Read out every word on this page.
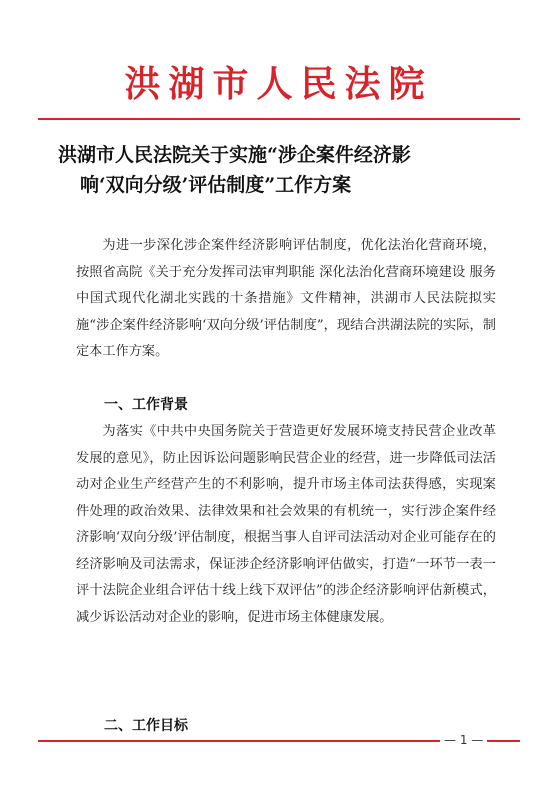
洪湖市人民法院
洪湖市人民法院关于实施“涉企案件经济影
响‘双向分级’评估制度”工作方案

为进一步深化涉企案件经济影响评估制度，优化法治化营商环境，按照省高院《关于充分发挥司法审判职能 深化法治化营商环境建设 服务中国式现代化湖北实践的十条措施》文件精神，洪湖市人民法院拟实施“涉企案件经济影响‘双向分级’评估制度”，现结合洪湖法院的实际，制定本工作方案。

一、工作背景

为落实《中共中央国务院关于营造更好发展环境支持民营企业改革发展的意见》，防止因诉讼问题影响民营企业的经营，进一步降低司法活动对企业生产经营产生的不利影响，提升市场主体司法获得感，实现案件处理的政治效果、法律效果和社会效果的有机统一，实行涉企案件经济影响‘双向分级’评估制度，根据当事人自评司法活动对企业可能存在的经济影响及司法需求，保证涉企经济影响评估做实，打造“一环节一表一评十法院企业组合评估十线上线下双评估”的涉企经济影响评估新模式，减少诉讼活动对企业的影响，促进市场主体健康发展。

二、工作目标
— 1 —
